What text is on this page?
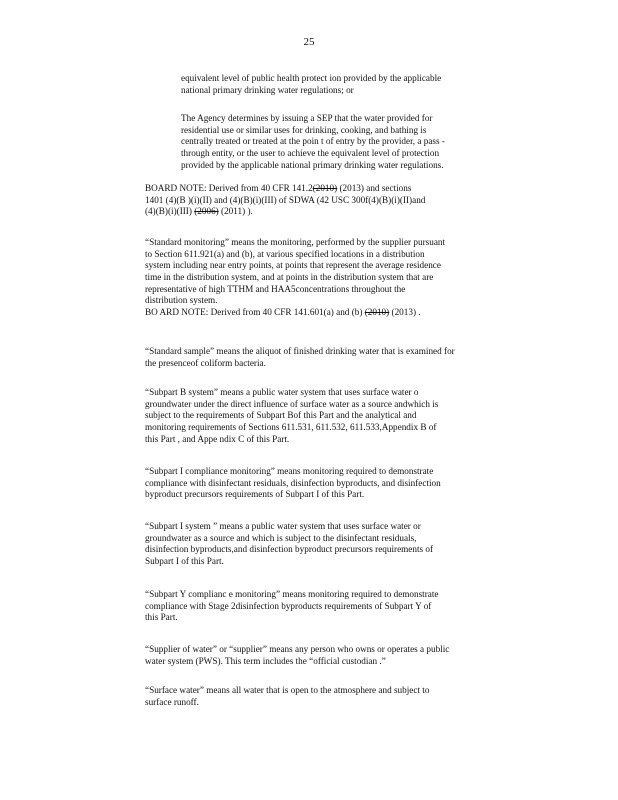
25
equivalent level of public health protect ion provided by the applicable
national primary drinking water regulations; or
The Agency determines by issuing a SEP that the water provided for
residential use or similar uses for drinking, cooking, and bathing is
centrally treated or treated at the poin t of entry by the provider, a pass -
through entity, or the user to achieve the equivalent level of protection
provided by the applicable national primary drinking water regulations.
BOARD NOTE: Derived from 40 CFR 141.2(2010) (2013) and sections
1401 (4)(B )(i)(II) and (4)(B)(i)(III) of SDWA (42 USC 300f(4)(B)(i)(II)and
(4)(B)(i)(III) (2006) (2011) ).
“Standard monitoring” means the monitoring, performed by the supplier pursuant
to Section 611.921(a) and (b), at various specified locations in a distribution
system including near entry points, at points that represent the average residence
time in the distribution system, and at points in the distribution system that are
representative of high TTHM and HAA5concentrations throughout the
distribution system.
BO ARD NOTE: Derived from 40 CFR 141.601(a) and (b) (2010) (2013) .
“Standard sample” means the aliquot of finished drinking water that is examined for
the presenceof coliform bacteria.
“Subpart B system” means a public water system that uses surface water o
groundwater under the direct influence of surface water as a source andwhich is
subject to the requirements of Subpart Bof this Part and the analytical and
monitoring requirements of Sections 611.531, 611.532, 611.533,Appendix B of
this Part , and Appe ndix C of this Part.
“Subpart I compliance monitoring” means monitoring required to demonstrate
compliance with disinfectant residuals, disinfection byproducts, and disinfection
byproduct precursors requirements of Subpart I of this Part.
“Subpart I system ” means a public water system that uses surface water or
groundwater as a source and which is subject to the disinfectant residuals,
disinfection byproducts,and disinfection byproduct precursors requirements of
Subpart I of this Part.
“Subpart Y complianc e monitoring” means monitoring required to demonstrate
compliance with Stage 2disinfection byproducts requirements of Subpart Y of
this Part.
“Supplier of water” or “supplier” means any person who owns or operates a public
water system (PWS). This term includes the “official custodian .”
“Surface water” means all water that is open to the atmosphere and subject to
surface runoff.
